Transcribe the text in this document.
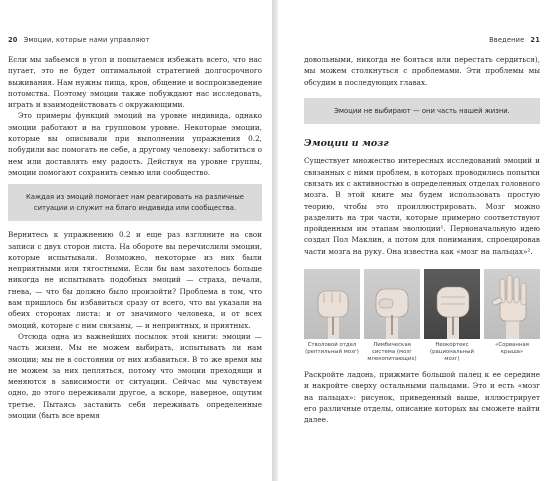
20 Эмоции, которые нами управляют

Если мы забьемся в угол и попытаемся избежать всего, что нас пугает, это не будет оптимальной стратегией долгосрочного выживания. Нам нужны пища, кров, общение и воспроизведение потомства. Поэтому эмоции также побуждают нас исследовать, играть и взаимодействовать с окружающими.

Это примеры функций эмоций на уровне индивида, однако эмоции работают и на групповом уровне. Некоторые эмоции, которые вы описывали при выполнении упражнения 0.2, побудили вас помогать не себе, а другому человеку: заботиться о нем или доставлять ему радость. Действуя на уровне группы, эмоции помогают сохранить семью или сообщество.

Каждая из эмоций помогает нам реагировать на различные ситуации и служит на благо индивида или сообщества.

Вернитесь к упражнению 0.2 и еще раз взгляните на свои записи с двух сторон листа. На обороте вы перечислили эмоции, которые испытывали. Возможно, некоторые из них были неприятными или тягостными. Если бы вам захотелось больше никогда не испытывать подобных эмоций — страха, печали, гнева, — что бы должно было произойти? Проблема в том, что вам пришлось бы избавиться сразу от всего, что вы указали на обеих сторонах листа: и от значимого человека, и от всех эмоций, которые с ним связаны, — и неприятных, и приятных.

Отсюда одна из важнейших посылок этой книги: эмоции — часть жизни. Мы не можем выбирать, испытывать ли нам эмоции; мы не в состоянии от них избавиться. В то же время мы не можем за них цепляться, потому что эмоции преходящи и меняются в зависимости от ситуации. Сейчас мы чувствуем одно, до этого переживали другое, а вскоре, наверное, ощутим третье. Пытаясь заставить себя переживать определенные эмоции (быть все время

Введение 21

довольными, никогда не бояться или перестать сердиться), мы можем столкнуться с проблемами. Эти проблемы мы обсудим в последующих главах.

Эмоции не выбирают — они часть нашей жизни.
Эмоции и мозг

Существует множество интересных исследований эмоций и связанных с ними проблем, в которых проводились попытки связать их с активностью в определенных отделах головного мозга. В этой книге мы будем использовать простую теорию, чтобы это проиллюстрировать. Мозг можно разделить на три части, которые примерно соответствуют пройденным им этапам эволюции¹. Первоначальную идею создал Пол Маклин, а потом для понимания, спроецировав части мозга на руку. Она известна как «мозг на пальцах»².

Стволовой отдел (рептильный мозг)
Лимбическая система (мозг млекопитающих)
Неокортекс (рациональный мозг)
«Сорванная крыша»

Раскройте ладонь, прижмите большой палец к ее середине и накройте сверху остальными пальцами. Это и есть «мозг на пальцах»: рисунок, приведенный выше, иллюстрирует его различные отделы, описание которых вы сможете найти далее.
